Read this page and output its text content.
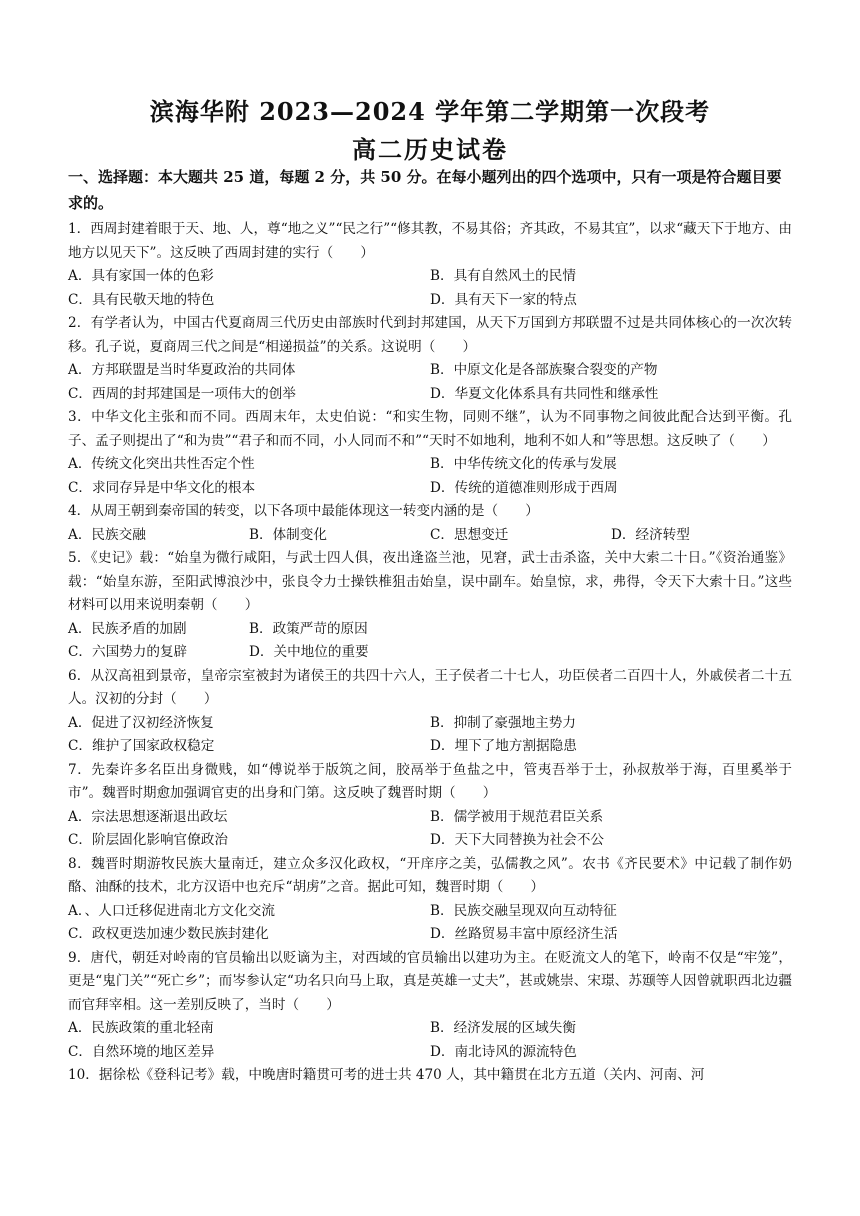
滨海华附 2023—2024 学年第二学期第一次段考
高二历史试卷
一、选择题：本大题共 25 道，每题 2 分，共 50 分。在每小题列出的四个选项中，只有一项是符合题目要求的。
1．西周封建着眼于天、地、人，尊“地之义”“民之行”“修其教，不易其俗；齐其政，不易其宜”，以求“藏天下于地方、由地方以见天下”。这反映了西周封建的实行（　　）
A．具有家国一体的色彩	B．具有自然风土的民情
C．具有民敬天地的特色	D．具有天下一家的特点
2．有学者认为，中国古代夏商周三代历史由部族时代到封邦建国，从天下万国到方邦联盟不过是共同体核心的一次次转移。孔子说，夏商周三代之间是“相递损益”的关系。这说明（　　）
A．方邦联盟是当时华夏政治的共同体	B．中原文化是各部族聚合裂变的产物
C．西周的封邦建国是一项伟大的创举	D．华夏文化体系具有共同性和继承性
3．中华文化主张和而不同。西周末年，太史伯说：“和实生物，同则不继”，认为不同事物之间彼此配合达到平衡。孔子、孟子则提出了“和为贵”“君子和而不同，小人同而不和”“天时不如地利，地利不如人和”等思想。这反映了（　　）
A．传统文化突出共性否定个性	B．中华传统文化的传承与发展
C．求同存异是中华文化的根本	D．传统的道德准则形成于西周
4．从周王朝到秦帝国的转变，以下各项中最能体现这一转变内涵的是（　　）
A．民族交融	B．体制变化	C．思想变迁	D．经济转型
5．《史记》载：“始皇为微行咸阳，与武士四人俱，夜出逢盗兰池，见窘，武士击杀盗，关中大索二十日。”《资治通鉴》载：“始皇东游，至阳武博浪沙中，张良令力士操铁椎狙击始皇，误中副车。始皇惊，求，弗得，令天下大索十日。”这些材料可以用来说明秦朝（　　）
A．民族矛盾的加剧	B．政策严苛的原因
C．六国势力的复辟	D．关中地位的重要
6．从汉高祖到景帝，皇帝宗室被封为诸侯王的共四十六人，王子侯者二十七人，功臣侯者二百四十人，外戚侯者二十五人。汉初的分封（　　）
A．促进了汉初经济恢复	B．抑制了豪强地主势力
C．维护了国家政权稳定	D．埋下了地方割据隐患
7．先秦许多名臣出身微贱，如“傅说举于版筑之间，胶鬲举于鱼盐之中，管夷吾举于士，孙叔敖举于海，百里奚举于市”。魏晋时期愈加强调官吏的出身和门第。这反映了魏晋时期（　　）
A．宗法思想逐渐退出政坛	B．儒学被用于规范君臣关系
C．阶层固化影响官僚政治	D．天下大同替换为社会不公
8．魏晋时期游牧民族大量南迁，建立众多汉化政权，“开庠序之美，弘儒教之风”。农书《齐民要术》中记载了制作奶酪、油酥的技术，北方汉语中也充斥“胡虏”之音。据此可知，魏晋时期（　　）
A．、人口迁移促进南北方文化交流	B．民族交融呈现双向互动特征
C．政权更迭加速少数民族封建化	D．丝路贸易丰富中原经济生活
9．唐代，朝廷对岭南的官员输出以贬谪为主，对西域的官员输出以建功为主。在贬流文人的笔下，岭南不仅是“牢笼”，更是“鬼门关”“死亡乡”；而岑参认定“功名只向马上取，真是英雄一丈夫”，甚或姚崇、宋璟、苏颋等人因曾就职西北边疆而官拜宰相。这一差别反映了，当时（　　）
A．民族政策的重北轻南	B．经济发展的区域失衡
C．自然环境的地区差异	D．南北诗风的源流特色
10．据徐松《登科记考》载，中晚唐时籍贯可考的进士共 470 人，其中籍贯在北方五道（关内、河南、河
